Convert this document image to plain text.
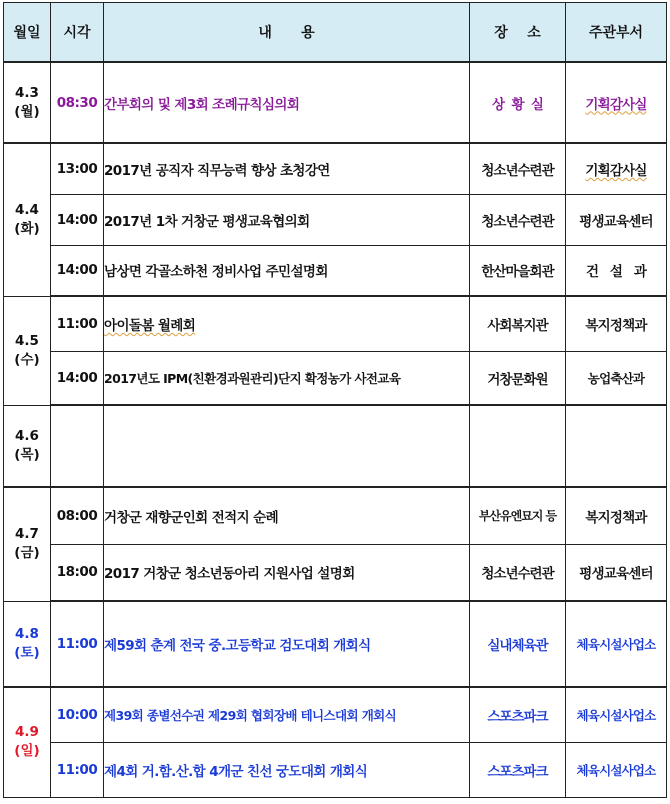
월일	시각	내      용	장    소	주관부서

4.3
(월)	08:30	간부회의 및 제3회 조례규칙심의회	상  황  실	기획감사실

4.4
(화)	13:00	2017년 공직자 직무능력 향상 초청강연	청소년수련관	기획감사실
	14:00	2017년 1차 거창군 평생교육협의회	청소년수련관	평생교육센터
	14:00	남상면 각골소하천 정비사업 주민설명회	한산마을회관	건   설   과

4.5
(수)	11:00	아이돌봄 월례회	사회복지관	복지정책과
	14:00	2017년도 IPM(친환경과원관리)단지 확정농가 사전교육	거창문화원	농업축산과

4.6
(목)				

4.7
(금)	08:00	거창군 재향군인회 전적지 순례	부산유엔묘지 등	복지정책과
	18:00	2017 거창군 청소년동아리 지원사업 설명회	청소년수련관	평생교육센터

4.8
(토)	11:00	제59회 춘계 전국 중.고등학교 검도대회 개회식	실내체육관	체육시설사업소

4.9
(일)	10:00	제39회 종별선수권 제29회 협회장배 테니스대회 개회식	스포츠파크	체육시설사업소
	11:00	제4회 거.함.산.합 4개군 친선 궁도대회 개회식	스포츠파크	체육시설사업소
